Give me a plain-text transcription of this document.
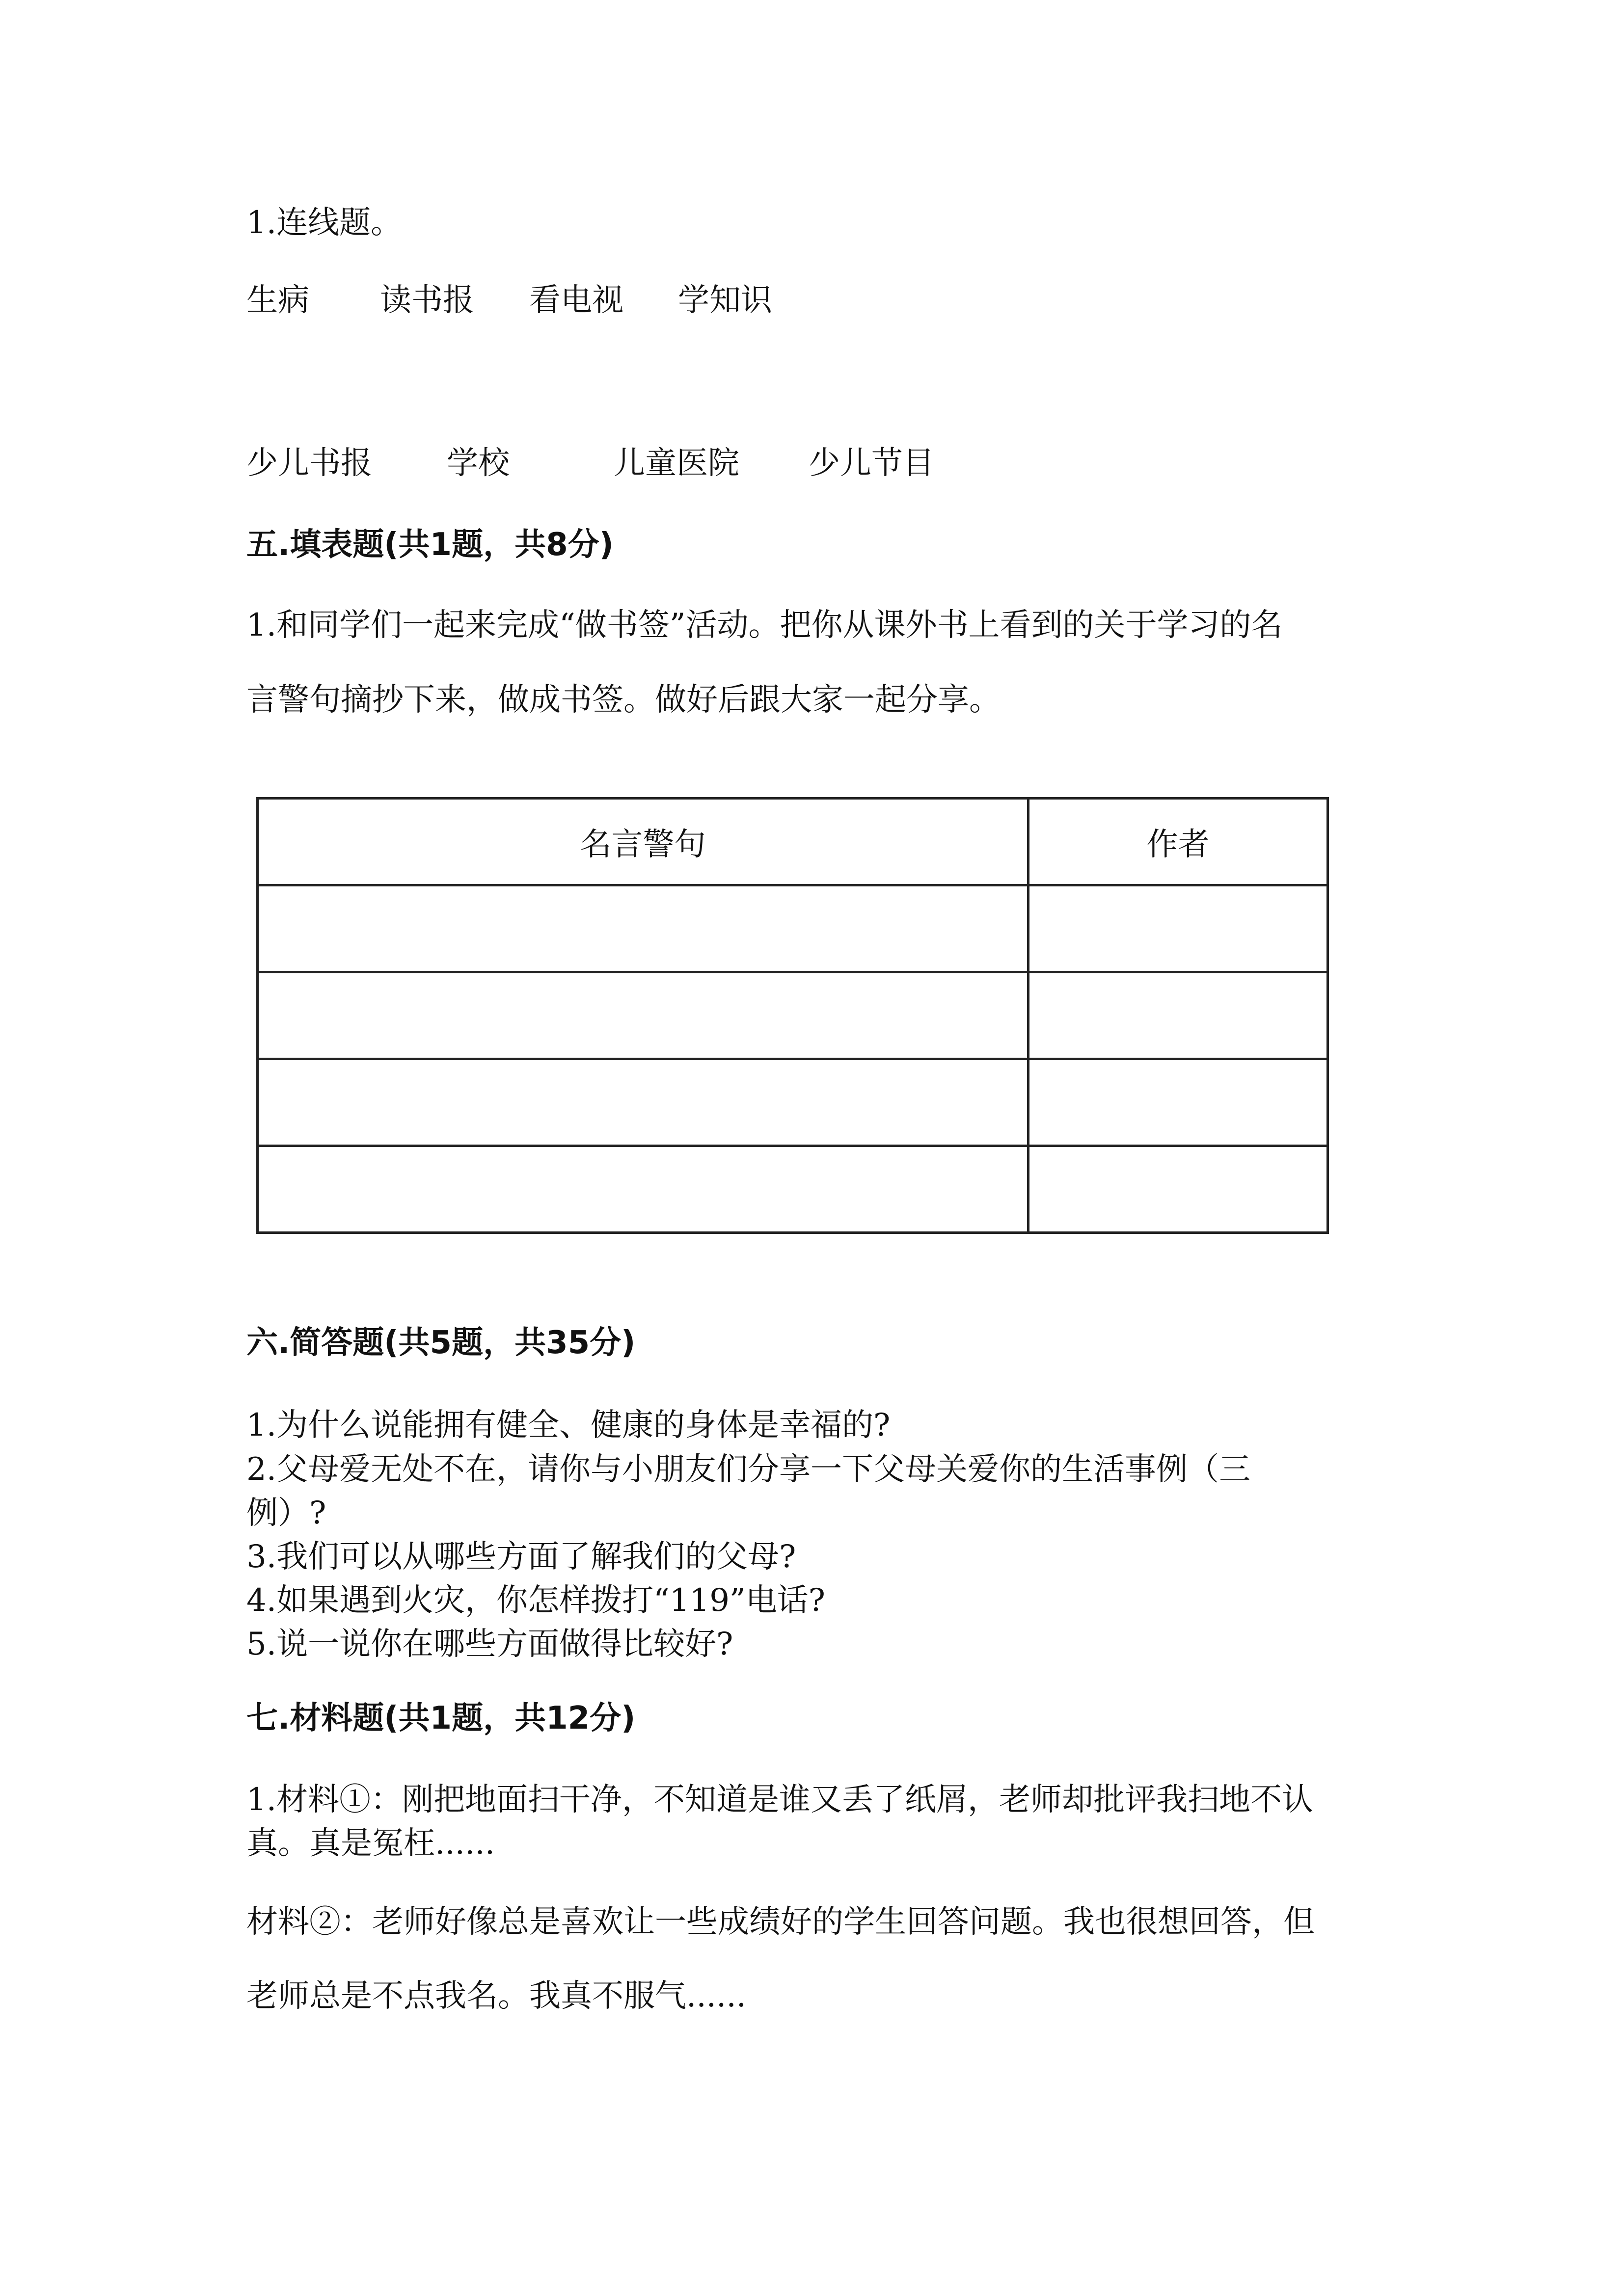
1.连线题。
生病 读书报 看电视 学知识
少儿书报 学校	儿童医院 少儿节目
五.填表题(共1题，共8分)
1.和同学们一起来完成“做书签”活动。把你从课外书上看到的关于学习的名
言警句摘抄下来，做成书签。做好后跟大家一起分享。
名言警句	作者

六.简答题(共5题，共35分)
1.为什么说能拥有健全、健康的身体是幸福的?
2.父母爱无处不在，请你与小朋友们分享一下父母关爱你的生活事例（三
例）?
3.我们可以从哪些方面了解我们的父母?
4.如果遇到火灾，你怎样拨打“119”电话?
5.说一说你在哪些方面做得比较好?
七.材料题(共1题，共12分)
1.材料①：刚把地面扫干净，不知道是谁又丢了纸屑，老师却批评我扫地不认
真。真是冤枉......
材料②：老师好像总是喜欢让一些成绩好的学生回答问题。我也很想回答，但
老师总是不点我名。我真不服气......
